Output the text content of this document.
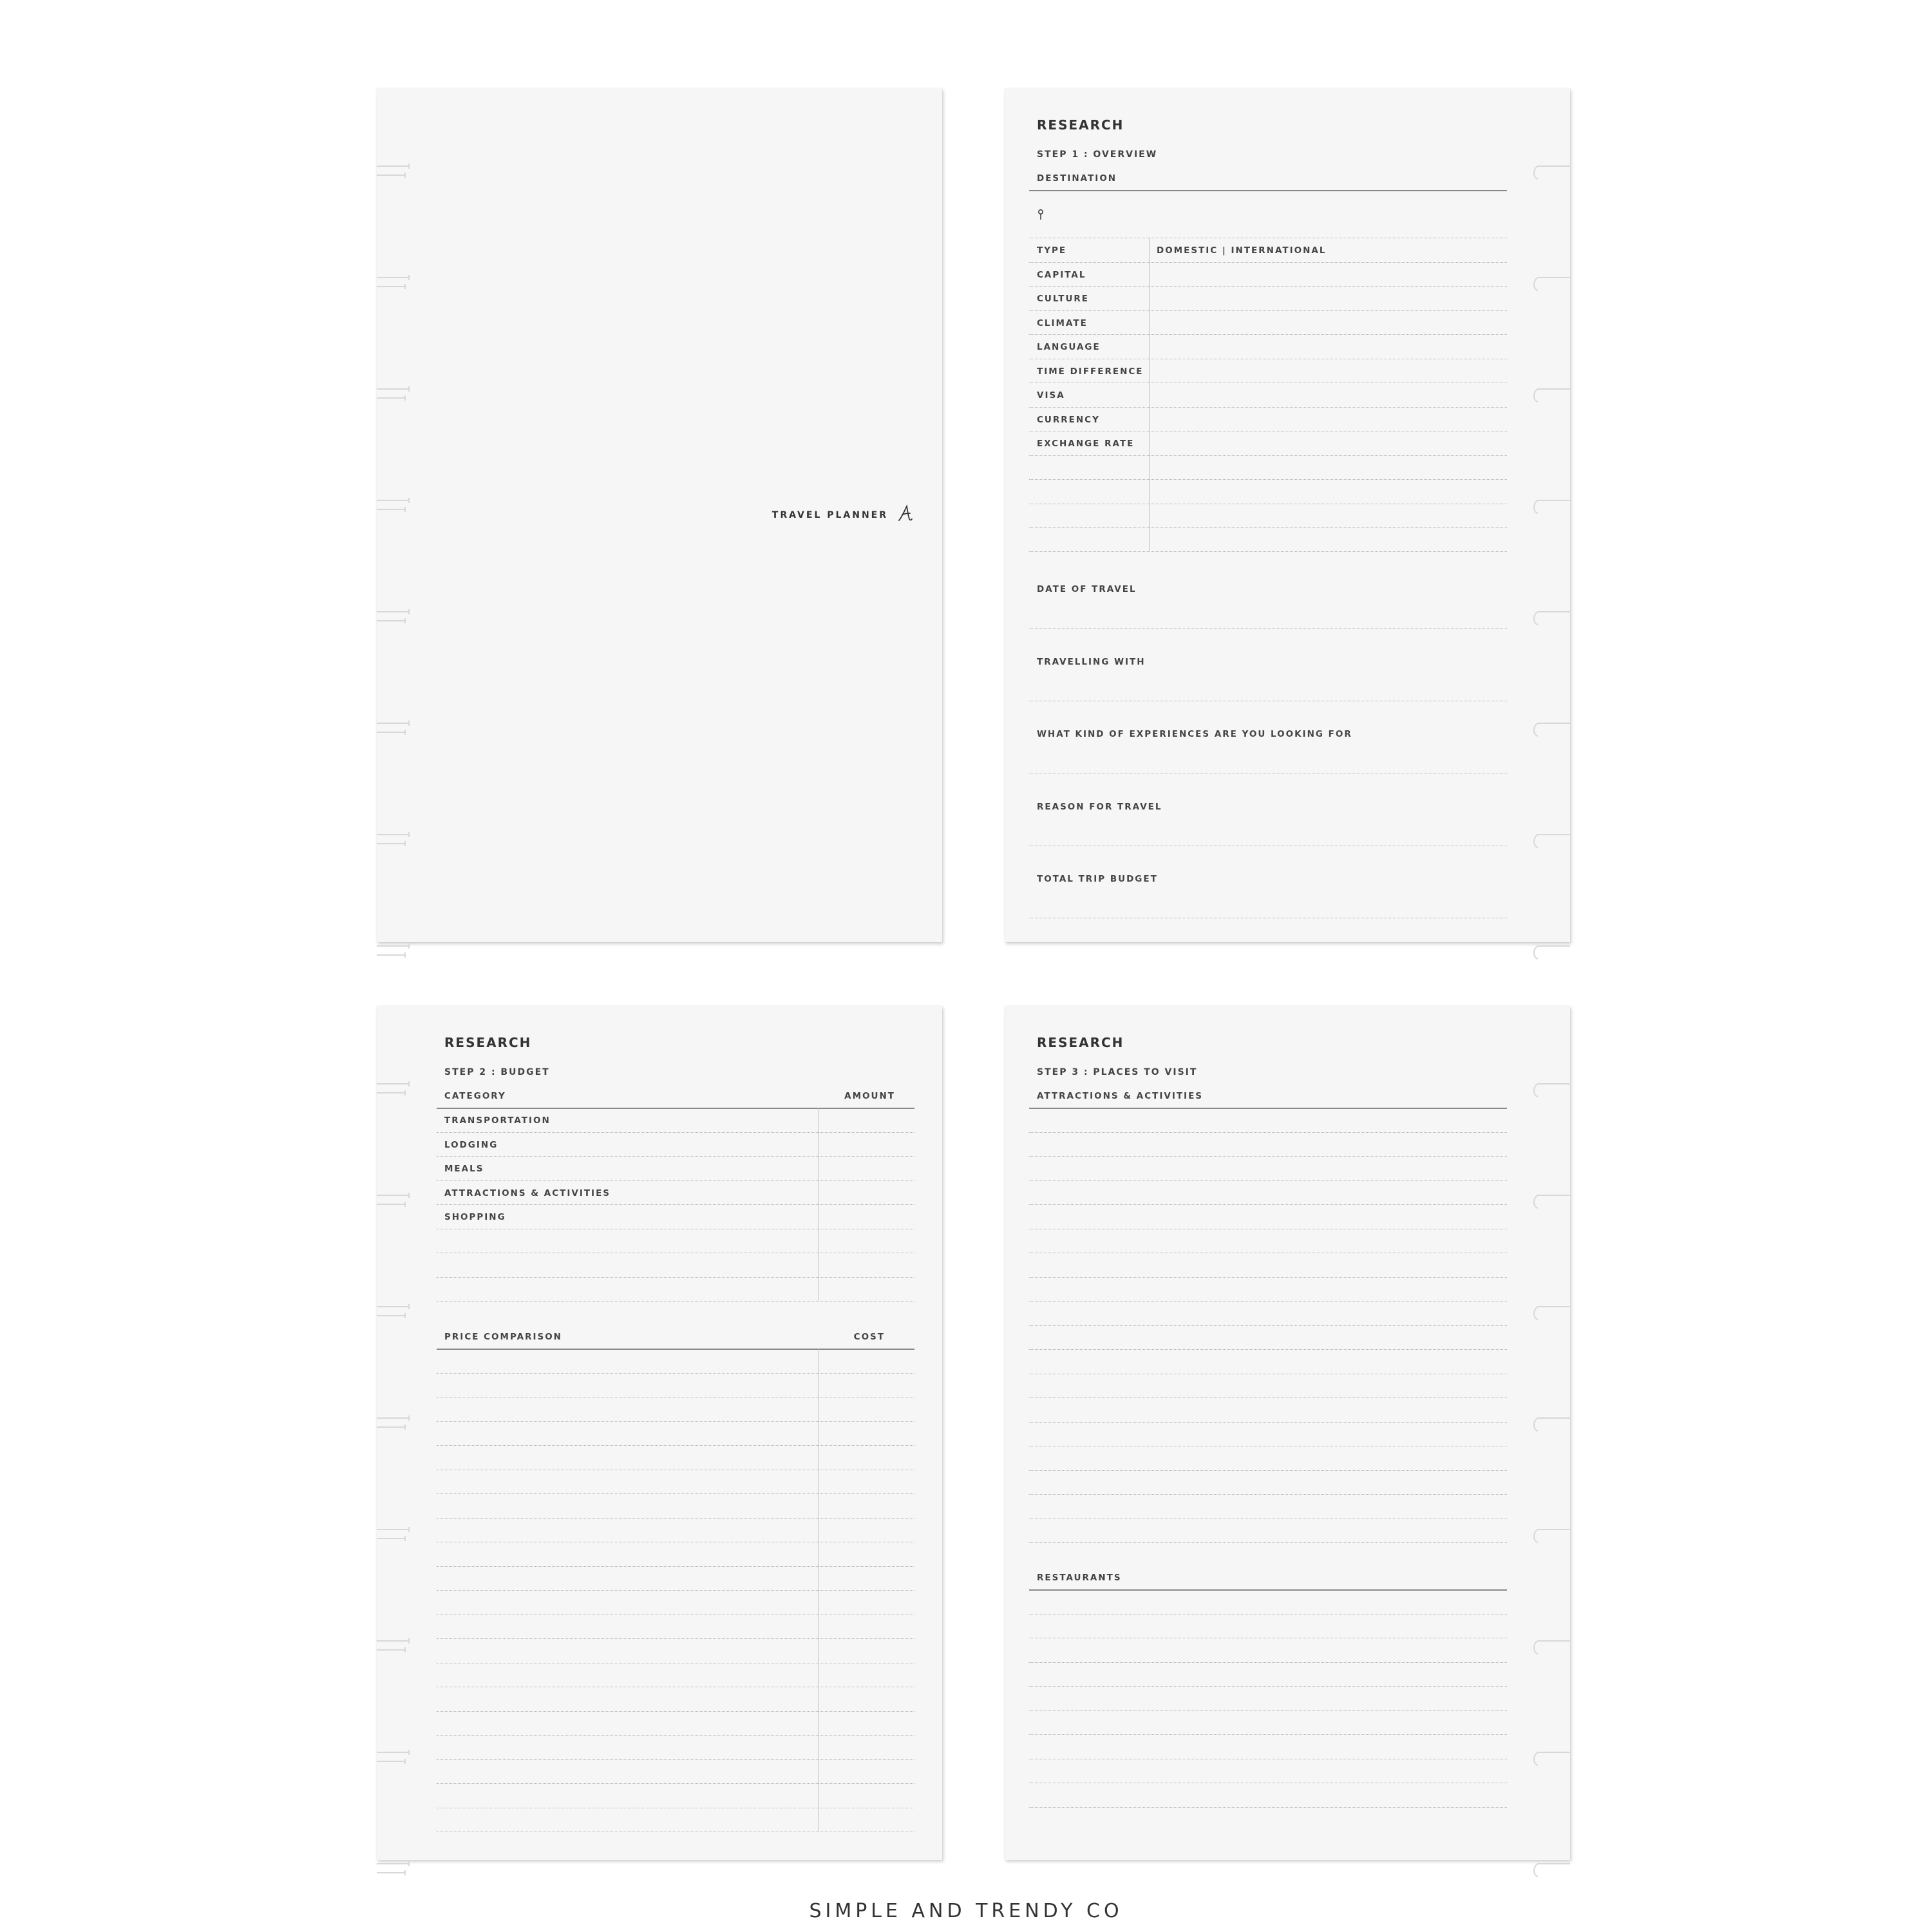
TRAVEL PLANNER
RESEARCH
STEP 1 : OVERVIEW
DESTINATION
TYPE	DOMESTIC | INTERNATIONAL
CAPITAL
CULTURE
CLIMATE
LANGUAGE
TIME DIFFERENCE
VISA
CURRENCY
EXCHANGE RATE
DATE OF TRAVEL
TRAVELLING WITH
WHAT KIND OF EXPERIENCES ARE YOU LOOKING FOR
REASON FOR TRAVEL
TOTAL TRIP BUDGET
RESEARCH
STEP 2 : BUDGET
CATEGORY	AMOUNT
TRANSPORTATION
LODGING
MEALS
ATTRACTIONS & ACTIVITIES
SHOPPING
PRICE COMPARISON	COST
RESEARCH
STEP 3 : PLACES TO VISIT
ATTRACTIONS & ACTIVITIES
RESTAURANTS
SIMPLE AND TRENDY CO
